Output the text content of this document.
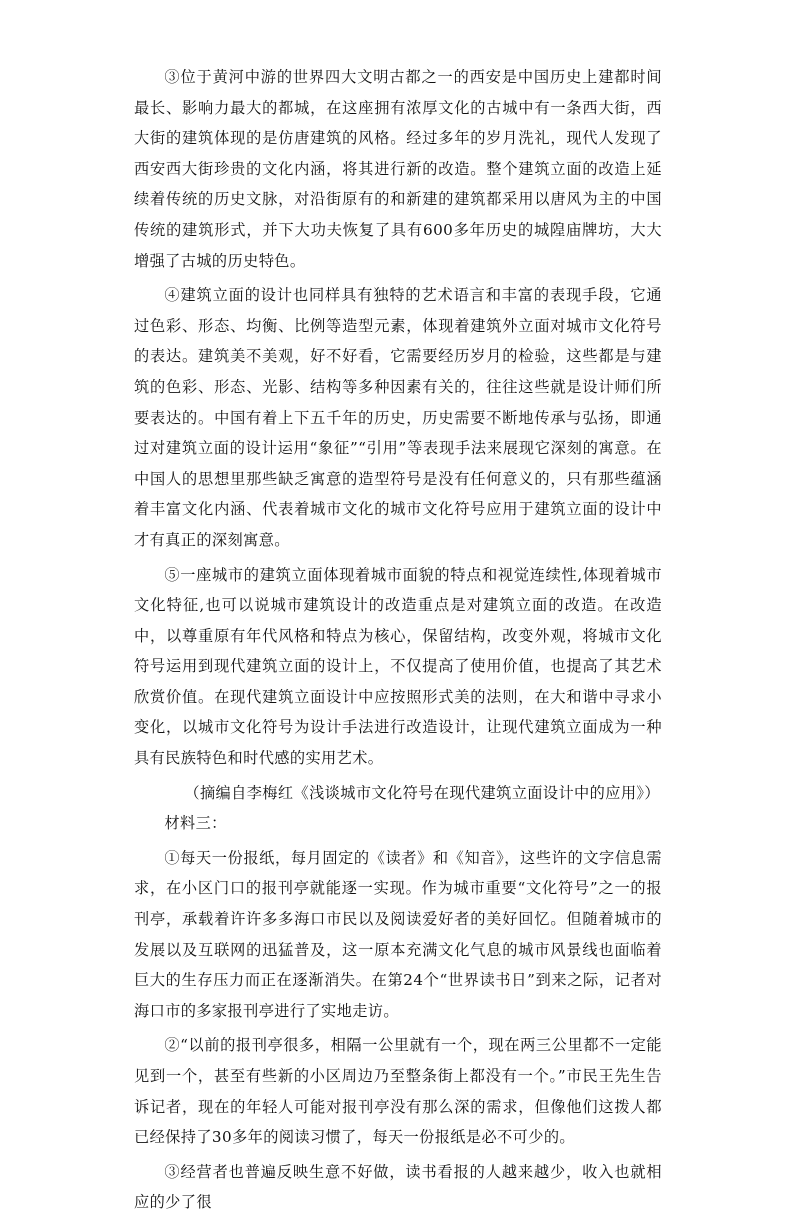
③位于黄河中游的世界四大文明古都之一的西安是中国历史上建都时间最长、影响力最大的都城，在这座拥有浓厚文化的古城中有一条西大街，西大街的建筑体现的是仿唐建筑的风格。经过多年的岁月洗礼，现代人发现了西安西大街珍贵的文化内涵，将其进行新的改造。整个建筑立面的改造上延续着传统的历史文脉，对沿街原有的和新建的建筑都采用以唐风为主的中国传统的建筑形式，并下大功夫恢复了具有600多年历史的城隍庙牌坊，大大增强了古城的历史特色。

④建筑立面的设计也同样具有独特的艺术语言和丰富的表现手段，它通过色彩、形态、均衡、比例等造型元素，体现着建筑外立面对城市文化符号的表达。建筑美不美观，好不好看，它需要经历岁月的检验，这些都是与建筑的色彩、形态、光影、结构等多种因素有关的，往往这些就是设计师们所要表达的。中国有着上下五千年的历史，历史需要不断地传承与弘扬，即通过对建筑立面的设计运用“象征”“引用”等表现手法来展现它深刻的寓意。在中国人的思想里那些缺乏寓意的造型符号是没有任何意义的，只有那些蕴涵着丰富文化内涵、代表着城市文化的城市文化符号应用于建筑立面的设计中才有真正的深刻寓意。

⑤一座城市的建筑立面体现着城市面貌的特点和视觉连续性,体现着城市文化特征,也可以说城市建筑设计的改造重点是对建筑立面的改造。在改造中，以尊重原有年代风格和特点为核心，保留结构，改变外观，将城市文化符号运用到现代建筑立面的设计上，不仅提高了使用价值，也提高了其艺术欣赏价值。在现代建筑立面设计中应按照形式美的法则，在大和谐中寻求小变化，以城市文化符号为设计手法进行改造设计，让现代建筑立面成为一种具有民族特色和时代感的实用艺术。

（摘编自李梅红《浅谈城市文化符号在现代建筑立面设计中的应用》）

材料三：

①每天一份报纸，每月固定的《读者》和《知音》，这些许的文字信息需求，在小区门口的报刊亭就能逐一实现。作为城市重要“文化符号”之一的报刊亭，承载着许许多多海口市民以及阅读爱好者的美好回忆。但随着城市的发展以及互联网的迅猛普及，这一原本充满文化气息的城市风景线也面临着巨大的生存压力而正在逐渐消失。在第24个“世界读书日”到来之际，记者对海口市的多家报刊亭进行了实地走访。

②“以前的报刊亭很多，相隔一公里就有一个，现在两三公里都不一定能见到一个，甚至有些新的小区周边乃至整条街上都没有一个。”市民王先生告诉记者，现在的年轻人可能对报刊亭没有那么深的需求，但像他们这拨人都已经保持了30多年的阅读习惯了，每天一份报纸是必不可少的。

③经营者也普遍反映生意不好做，读书看报的人越来越少，收入也就相应的少了很
